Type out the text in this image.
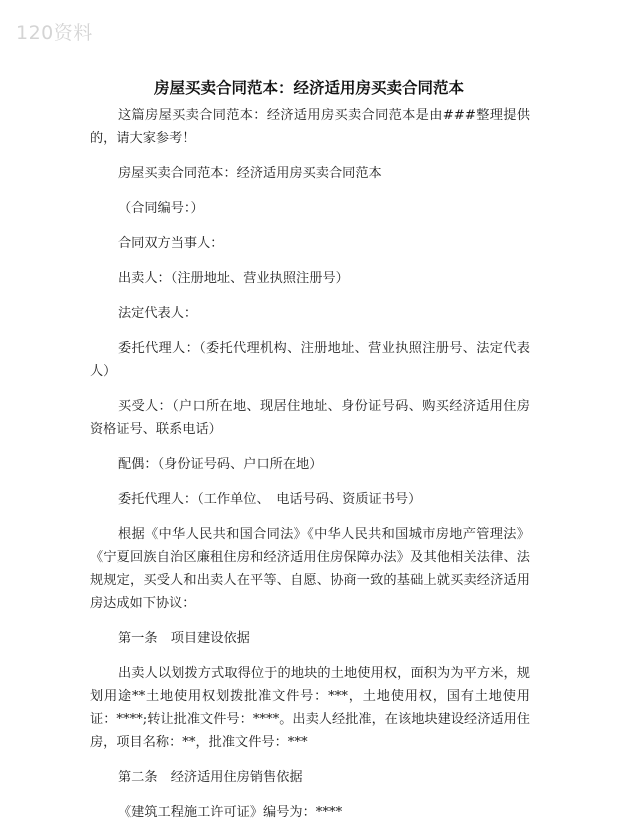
120资料
房屋买卖合同范本：经济适用房买卖合同范本

这篇房屋买卖合同范本：经济适用房买卖合同范本是由###整理提供的，请大家参考！

房屋买卖合同范本：经济适用房买卖合同范本

（合同编号：）

合同双方当事人：

出卖人：（注册地址、营业执照注册号）

法定代表人：

委托代理人：（委托代理机构、注册地址、营业执照注册号、法定代表人）

买受人：（户口所在地、现居住地址、身份证号码、购买经济适用住房资格证号、联系电话）

配偶：（身份证号码、户口所在地）

委托代理人：（工作单位、　电话号码、资质证书号）

根据《中华人民共和国合同法》《中华人民共和国城市房地产管理法》《宁夏回族自治区廉租住房和经济适用住房保障办法》及其他相关法律、法规规定，买受人和出卖人在平等、自愿、协商一致的基础上就买卖经济适用房达成如下协议：

第一条　项目建设依据

出卖人以划拨方式取得位于的地块的土地使用权，面积为为平方米，规划用途**土地使用权划拨批准文件号：***，土地使用权，国有土地使用证：****;转让批准文件号：****。出卖人经批准，在该地块建设经济适用住房，项目名称：**，批准文件号：***

第二条　经济适用住房销售依据

《建筑工程施工许可证》编号为：****
